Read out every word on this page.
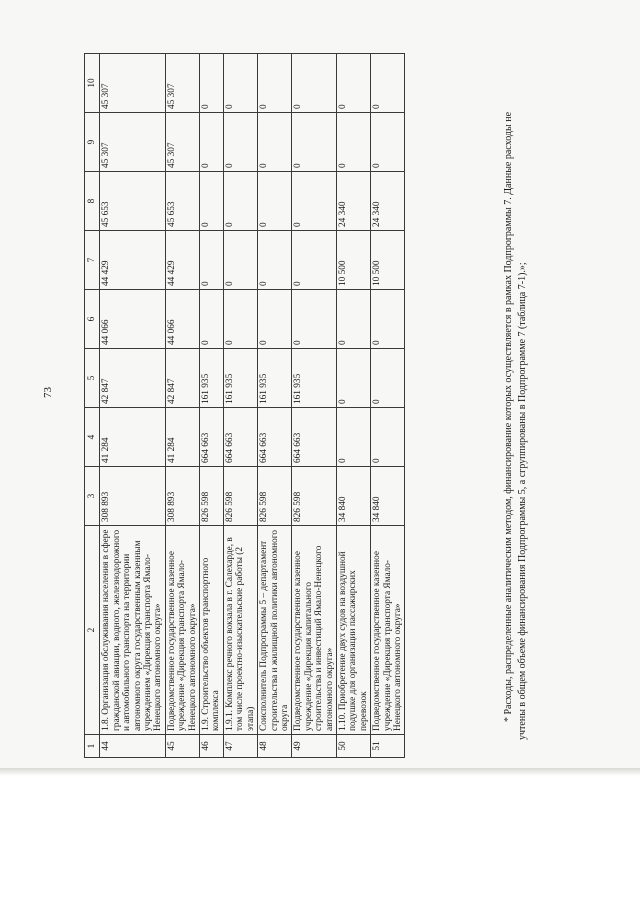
73
1	2	3	4	5	6	7	8	9	10
44	1.8. Организация обслуживания населения в сфере гражданской авиации, водного, железнодорожного и автомобильного транспорта на территории автономного округа государственным казенным учреждением «Дирекция транспорта Ямало-Ненецкого автономного округа»	308 893	41 284	42 847	44 066	44 429	45 653	45 307	45 307
45	Подведомственное государственное казенное учреждение «Дирекция транспорта Ямало-Ненецкого автономного округа»	308 893	41 284	42 847	44 066	44 429	45 653	45 307	45 307
46	1.9. Строительство объектов транспортного комплекса	826 598	664 663	161 935	0	0	0	0	0
47	1.9.1. Комплекс речного вокзала в г. Салехарде, в том числе проектно-изыскательские работы (2 этапа)	826 598	664 663	161 935	0	0	0	0	0
48	Соисполнитель Подпрограммы 5 – департамент строительства и жилищной политики автономного округа	826 598	664 663	161 935	0	0	0	0	0
49	Подведомственное государственное казенное учреждение «Дирекция капитального строительства и инвестиций Ямало-Ненецкого автономного округа»	826 598	664 663	161 935	0	0	0	0	0
50	1.10. Приобретение двух судов на воздушной подушке для организации пассажирских перевозок	34 840	0	0	0	10 500	24 340	0	0
51	Подведомственное государственное казенное учреждение «Дирекция транспорта Ямало-Ненецкого автономного округа»	34 840	0	0	0	10 500	24 340	0	0
* Расходы, распределенные аналитическим методом, финансирование которых осуществляется в рамках Подпрограммы 7. Данные расходы не учтены в общем объеме финансирования Подпрограммы 5, а сгруппированы в Подпрограмме 7 (таблица 7-1).»;
